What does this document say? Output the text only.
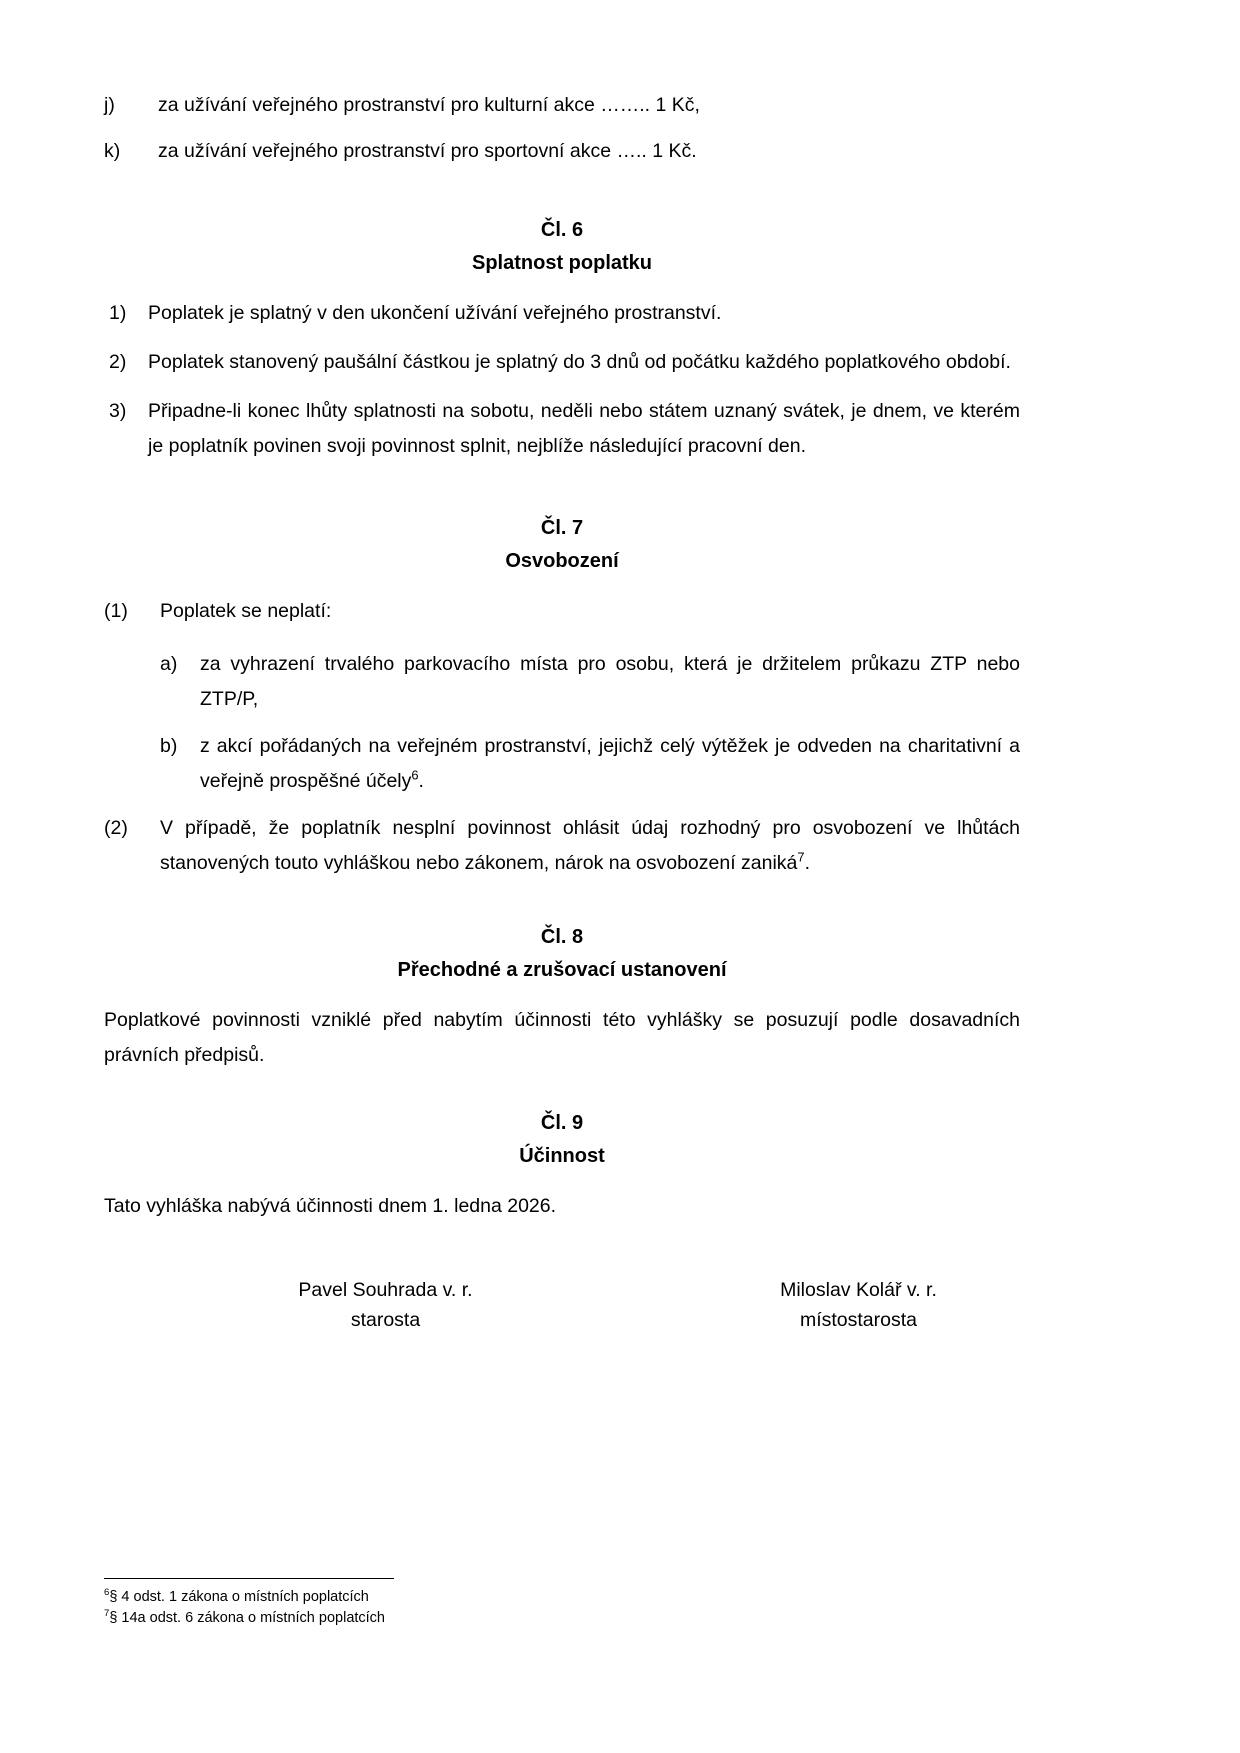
j)	za užívání veřejného prostranství pro kulturní akce …….. 1 Kč,
k)	za užívání veřejného prostranství pro sportovní akce ….. 1 Kč.
Čl. 6
Splatnost poplatku
1)	Poplatek je splatný v den ukončení užívání veřejného prostranství.
2)	Poplatek stanovený paušální částkou je splatný do 3 dnů od počátku každého poplatkového období.
3)	Připadne-li konec lhůty splatnosti na sobotu, neděli nebo státem uznaný svátek, je dnem, ve kterém je poplatník povinen svoji povinnost splnit, nejblíže následující pracovní den.
Čl. 7
Osvobození
(1)	Poplatek se neplatí:
a)	za vyhrazení trvalého parkovacího místa pro osobu, která je držitelem průkazu ZTP nebo ZTP/P,
b)	z akcí pořádaných na veřejném prostranství, jejichž celý výtěžek je odveden na charitativní a veřejně prospěšné účely$^6$.
(2)	V případě, že poplatník nesplní povinnost ohlásit údaj rozhodný pro osvobození ve lhůtách stanovených touto vyhláškou nebo zákonem, nárok na osvobození zaniká$^7$.
Čl. 8
Přechodné a zrušovací ustanovení

Poplatkové povinnosti vzniklé před nabytím účinnosti této vyhlášky se posuzují podle dosavadních právních předpisů.

Čl. 9
Účinnost

Tato vyhláška nabývá účinnosti dnem 1. ledna 2026.

Pavel Souhrada v. r.
starosta
Miloslav Kolář v. r.
místostarosta

$^6$§ 4 odst. 1 zákona o místních poplatcích

$^7$§ 14a odst. 6 zákona o místních poplatcích
